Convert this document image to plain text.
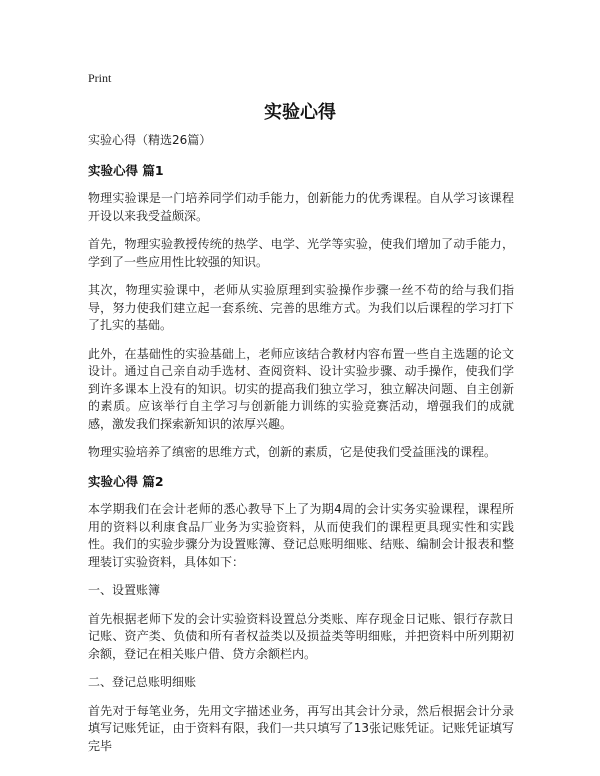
Print
实验心得

实验心得（精选26篇）

实验心得 篇1

物理实验课是一门培养同学们动手能力，创新能力的优秀课程。自从学习该课程开设以来我受益颇深。

首先，物理实验教授传统的热学、电学、光学等实验，使我们增加了动手能力，学到了一些应用性比较强的知识。

其次，物理实验课中，老师从实验原理到实验操作步骤一丝不苟的给与我们指导，努力使我们建立起一套系统、完善的思维方式。为我们以后课程的学习打下了扎实的基础。

此外，在基础性的实验基础上，老师应该结合教材内容布置一些自主选题的论文设计。通过自己亲自动手选材、查阅资料、设计实验步骤、动手操作，使我们学到许多课本上没有的知识。切实的提高我们独立学习，独立解决问题、自主创新的素质。应该举行自主学习与创新能力训练的实验竞赛活动，增强我们的成就感，激发我们探索新知识的浓厚兴趣。

物理实验培养了缜密的思维方式，创新的素质，它是使我们受益匪浅的课程。

实验心得 篇2

本学期我们在会计老师的悉心教导下上了为期4周的会计实务实验课程，课程所用的资料以利康食品厂业务为实验资料，从而使我们的课程更具现实性和实践性。我们的实验步骤分为设置账簿、登记总账明细账、结账、编制会计报表和整理装订实验资料，具体如下：

一、设置账簿

首先根据老师下发的会计实验资料设置总分类账、库存现金日记账、银行存款日记账、资产类、负债和所有者权益类以及损益类等明细账，并把资料中所列期初余额，登记在相关账户借、贷方余额栏内。

二、登记总账明细账

首先对于每笔业务，先用文字描述业务，再写出其会计分录，然后根据会计分录填写记账凭证，由于资料有限，我们一共只填写了13张记账凭证。记账凭证填写完毕
